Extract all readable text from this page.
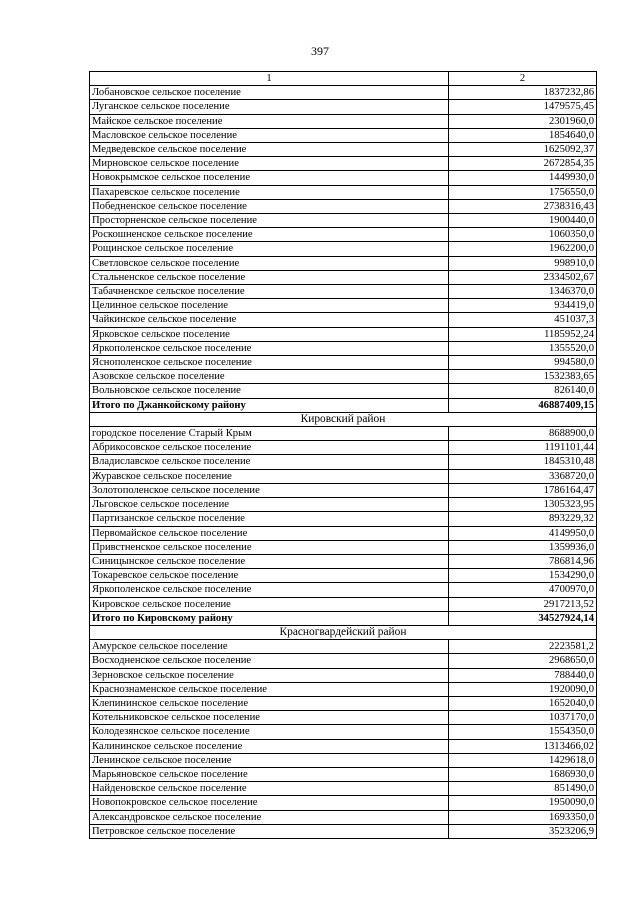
397
1	2
Лобановское сельское поселение	1837232,86
Луганское сельское поселение	1479575,45
Майское сельское поселение	2301960,0
Масловское сельское поселение	1854640,0
Медведевское сельское поселение	1625092,37
Мирновское сельское поселение	2672854,35
Новокрымское сельское поселение	1449930,0
Пахаревское сельское поселение	1756550,0
Победненское сельское поселение	2738316,43
Просторненское сельское поселение	1900440,0
Роскошненское сельское поселение	1060350,0
Рощинское сельское поселение	1962200,0
Светловское сельское поселение	998910,0
Стальненское сельское поселение	2334502,67
Табачненское сельское поселение	1346370,0
Целинное сельское поселение	934419,0
Чайкинское сельское поселение	451037,3
Ярковское сельское поселение	1185952,24
Яркополенское сельское поселение	1355520,0
Яснополенское сельское поселение	994580,0
Азовское сельское поселение	1532383,65
Вольновское сельское поселение	826140,0
Итого по Джанкойскому району	46887409,15
Кировский район	
городское поселение Старый Крым	8688900,0
Абрикосовское сельское поселение	1191101,44
Владиславское сельское поселение	1845310,48
Журавское сельское поселение	3368720,0
Золотополенское сельское поселение	1786164,47
Льговское сельское поселение	1305323,95
Партизанское сельское поселение	893229,32
Первомайское сельское поселение	4149950,0
Привстненское сельское поселение	1359936,0
Синицынское сельское поселение	786814,96
Токаревское сельское поселение	1534290,0
Яркополенское сельское поселение	4700970,0
Кировское сельское поселение	2917213,52
Итого по Кировскому району	34527924,14
Красногвардейский район	
Амурское сельское поселение	2223581,2
Восходненское сельское поселение	2968650,0
Зерновское сельское поселение	788440,0
Краснознаменское сельское поселение	1920090,0
Клепининское сельское поселение	1652040,0
Котельниковское сельское поселение	1037170,0
Колодезянское сельское поселение	1554350,0
Калининское сельское поселение	1313466,02
Ленинское сельское поселение	1429618,0
Марьяновское сельское поселение	1686930,0
Найденовское сельское поселение	851490,0
Новопокровское сельское поселение	1950090,0
Александровское сельское поселение	1693350,0
Петровское сельское поселение	3523206,9
